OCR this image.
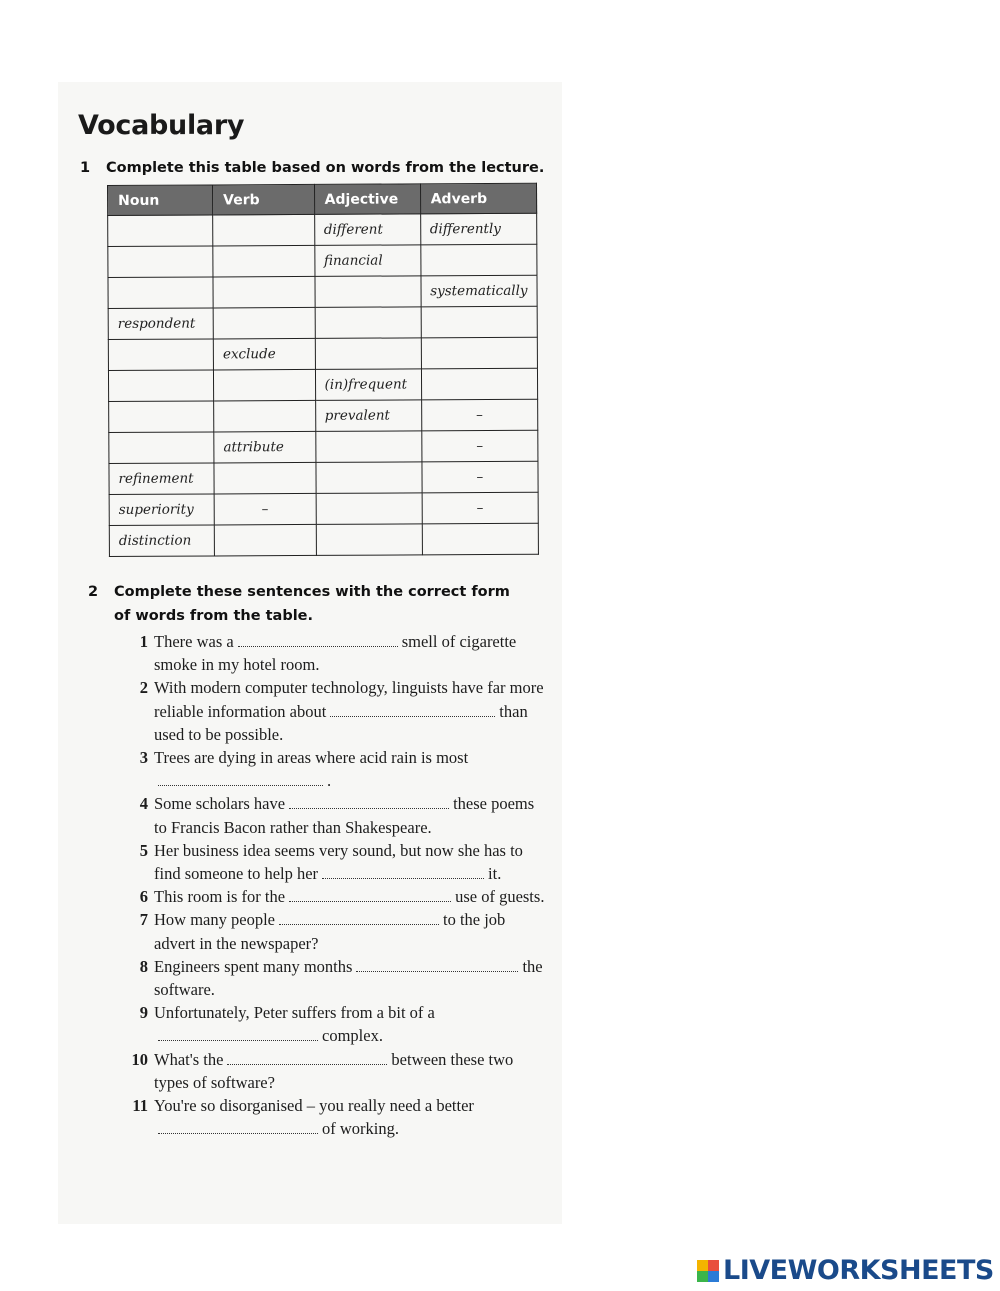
Vocabulary
1 Complete this table based on words from the lecture.
Noun	Verb	Adjective	Adverb
		different	differently
		financial	
			systematically
respondent			
	exclude		
		(in)frequent	
		prevalent	–
	attribute		–
refinement			–
superiority	–		–
distinction			
2 Complete these sentences with the correct form of words from the table.
1 There was a	smell of cigarette smoke in my hotel room.
2 With modern computer technology, linguists have far more reliable information about	than used to be possible.
3 Trees are dying in areas where acid rain is most.
4 Some scholars have	these poems to Francis Bacon rather than Shakespeare.
5 Her business idea seems very sound, but now she has to find someone to help her	it.
6 This room is for the	use of guests.
7 How many people	to the job advert in the newspaper?
8 Engineers spent many months	the software.
9 Unfortunately, Peter suffers from a bit of acomplex.
10 What's the	between these two types of software?
11 You're so disorganised – you really need a betterof working.
LIVEWORKSHEETS
